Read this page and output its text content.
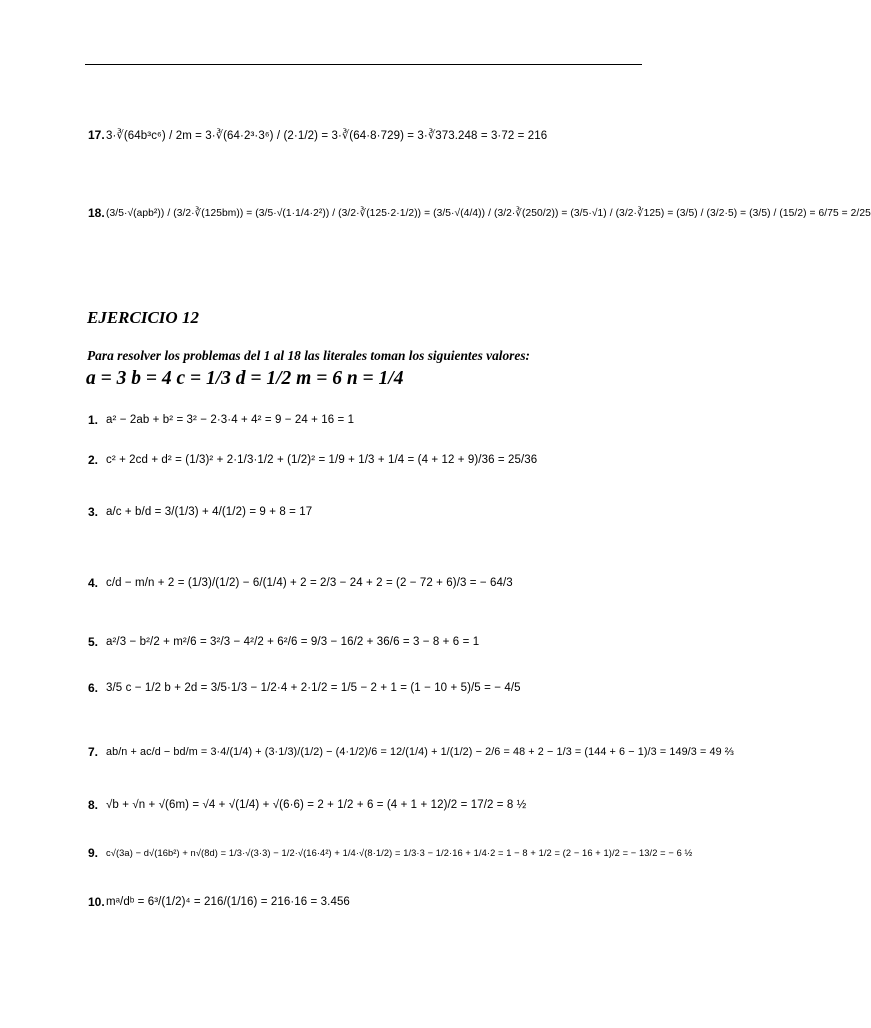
17. 3·∛(64b³c⁶) / 2m = 3·∛(64·2³·3⁶) / (2·1/2) = 3·∛(64·8·729) = 3·∛373.248 = 3·72 = 216
18. (3/5·√(apb²)) / (3/2·∛(125bm)) = (3/5·√(1·1/4·2²)) / (3/2·∛(125·2·1/2)) = (3/5·√(4/4)) / (3/2·∛(250/2)) = (3/5·√1) / (3/2·∛125) = (3/5) / (3/2·5) = (3/5) / (15/2) = 6/75 = 2/25
EJERCICIO 12
Para resolver los problemas del 1 al 18 las literales toman los siguientes valores:
a = 3 b = 4 c = 1/3 d = 1/2 m = 6 n = 1/4
1. a² − 2ab + b² = 3² − 2·3·4 + 4² = 9 − 24 + 16 = 1
2. c² + 2cd + d² = (1/3)² + 2·1/3·1/2 + (1/2)² = 1/9 + 1/3 + 1/4 = (4 + 12 + 9)/36 = 25/36
3. a/c + b/d = 3/(1/3) + 4/(1/2) = 9 + 8 = 17
4. c/d − m/n + 2 = (1/3)/(1/2) − 6/(1/4) + 2 = 2/3 − 24 + 2 = (2 − 72 + 6)/3 = − 64/3
5. a²/3 − b²/2 + m²/6 = 3²/3 − 4²/2 + 6²/6 = 9/3 − 16/2 + 36/6 = 3 − 8 + 6 = 1
6. 3/5 c − 1/2 b + 2d = 3/5·1/3 − 1/2·4 + 2·1/2 = 1/5 − 2 + 1 = (1 − 10 + 5)/5 = − 4/5
7. ab/n + ac/d − bd/m = 3·4/(1/4) + (3·1/3)/(1/2) − (4·1/2)/6 = 12/(1/4) + 1/(1/2) − 2/6 = 48 + 2 − 1/3 = (144 + 6 − 1)/3 = 149/3 = 49 ⅔
8. √b + √n + √(6m) = √4 + √(1/4) + √(6·6) = 2 + 1/2 + 6 = (4 + 1 + 12)/2 = 17/2 = 8 ½
9. c√(3a) − d√(16b²) + n√(8d) = 1/3·√(3·3) − 1/2·√(16·4²) + 1/4·√(8·1/2) = 1/3·3 − 1/2·16 + 1/4·2 = 1 − 8 + 1/2 = (2 − 16 + 1)/2 = − 13/2 = − 6 ½
10. mᵃ/dᵇ = 6³/(1/2)⁴ = 216/(1/16) = 216·16 = 3.456
